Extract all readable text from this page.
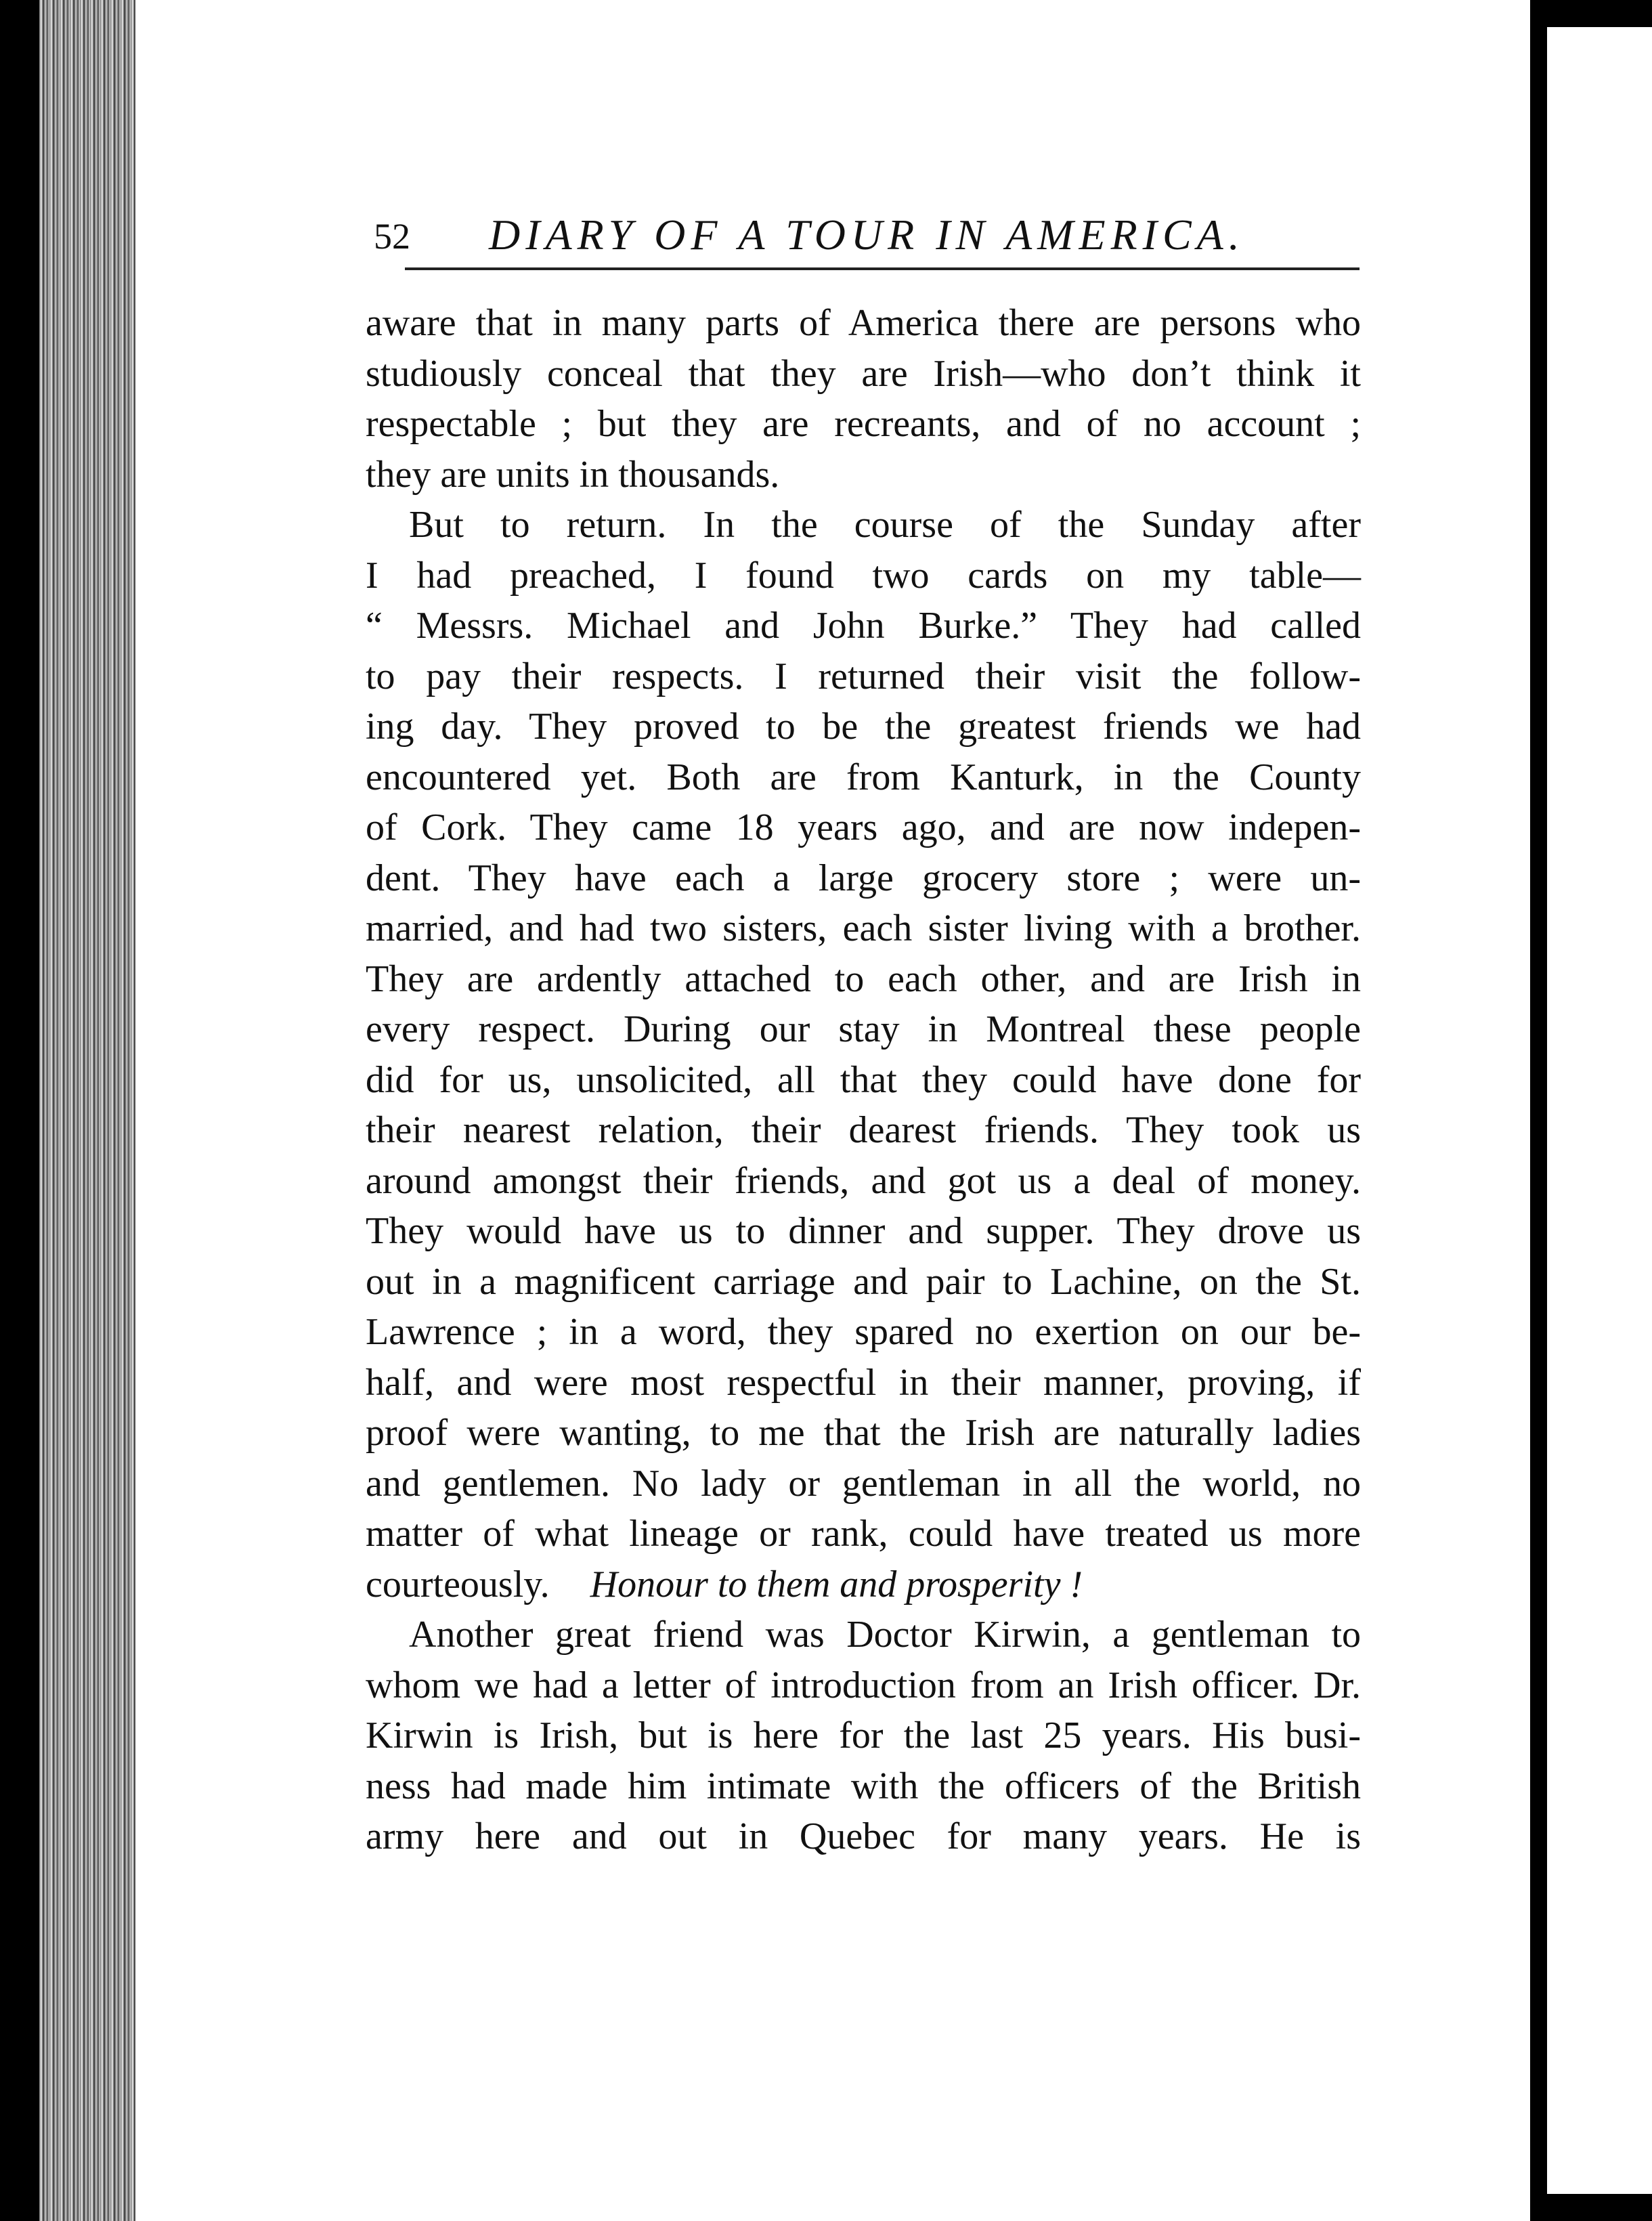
52 DIARY OF A TOUR IN AMERICA.
aware that in many parts of America there are persons who
studiously conceal that they are Irish—who don’t think it
respectable ; but they are recreants, and of no account ;
they are units in thousands.
But to return. In the course of the Sunday after
I had preached, I found two cards on my table—
“ Messrs. Michael and John Burke.” They had called
to pay their respects. I returned their visit the follow-
ing day. They proved to be the greatest friends we had
encountered yet. Both are from Kanturk, in the County
of Cork. They came 18 years ago, and are now indepen-
dent. They have each a large grocery store ; were un-
married, and had two sisters, each sister living with a brother.
They are ardently attached to each other, and are Irish in
every respect. During our stay in Montreal these people
did for us, unsolicited, all that they could have done for
their nearest relation, their dearest friends. They took us
around amongst their friends, and got us a deal of money.
They would have us to dinner and supper. They drove us
out in a magnificent carriage and pair to Lachine, on the St.
Lawrence ; in a word, they spared no exertion on our be-
half, and were most respectful in their manner, proving, if
proof were wanting, to me that the Irish are naturally ladies
and gentlemen. No lady or gentleman in all the world, no
matter of what lineage or rank, could have treated us more
courteously. Honour to them and prosperity !
Another great friend was Doctor Kirwin, a gentleman to
whom we had a letter of introduction from an Irish officer. Dr.
Kirwin is Irish, but is here for the last 25 years. His busi-
ness had made him intimate with the officers of the British
army here and out in Quebec for many years. He is
